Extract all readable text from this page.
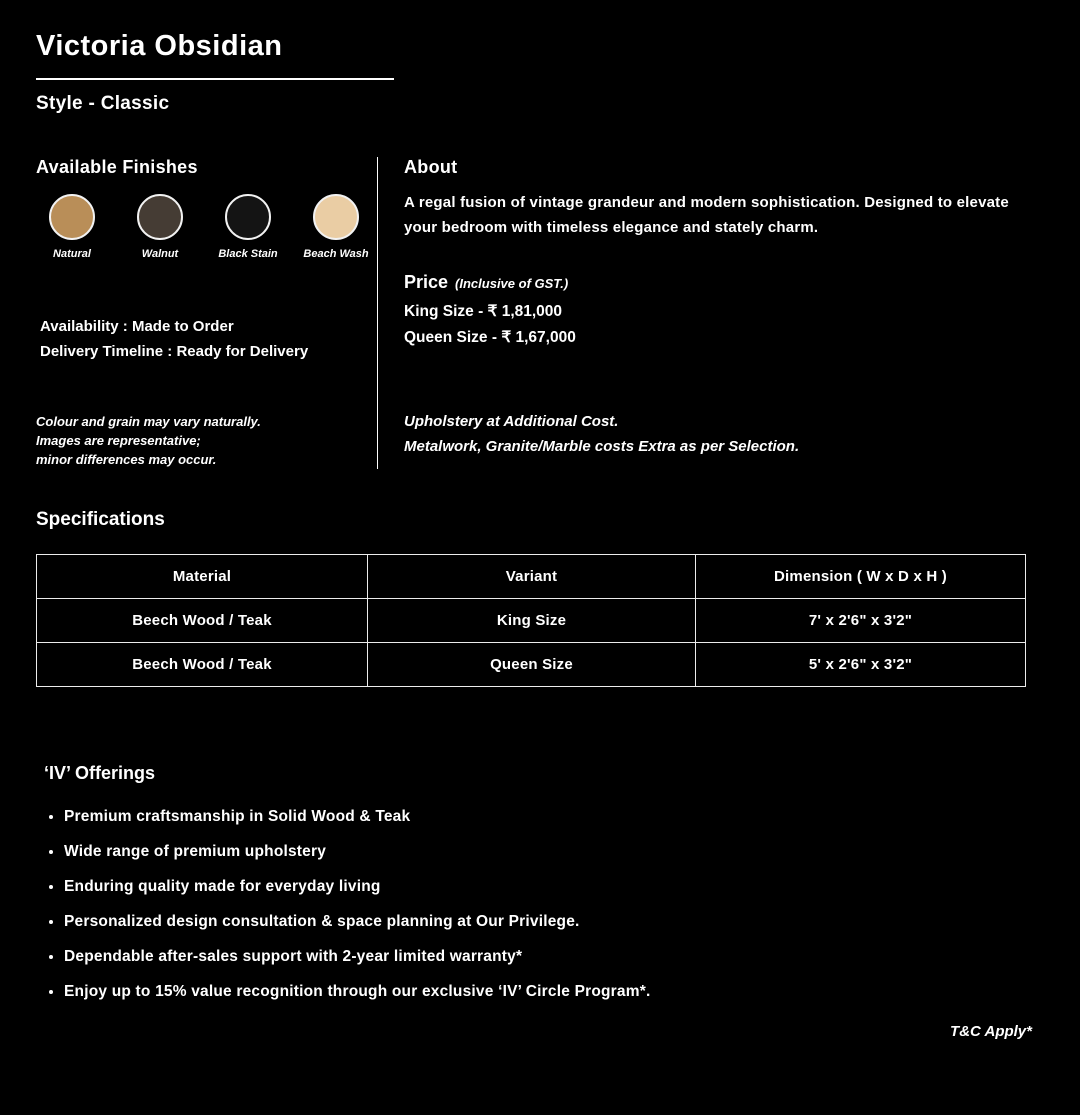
Victoria Obsidian
Style - Classic
Available Finishes
Natural	Walnut	Black Stain Beach Wash

Availability : Made to Order

Delivery Timeline : Ready for Delivery

Colour and grain may vary naturally.

Images are representative;

minor differences may occur.

About

A regal fusion of vintage grandeur and modern sophistication. Designed to elevate your bedroom with timeless elegance and stately charm.

Price (Inclusive of GST.)

King Size - ₹ 1,81,000

Queen Size - ₹ 1,67,000

Upholstery at Additional Cost.

Metalwork, Granite/Marble costs Extra as per Selection.

Specifications
Material	Variant	Dimension ( W x D x H )
Beech Wood / Teak	King Size	7' x 2'6" x 3'2"
Beech Wood / Teak	Queen Size	5' x 2'6" x 3'2"
‘IV’ Offerings
Premium craftsmanship in Solid Wood & Teak
Wide range of premium upholstery
Enduring quality made for everyday living
Personalized design consultation & space planning at Our Privilege.
Dependable after-sales support with 2-year limited warranty*
Enjoy up to 15% value recognition through our exclusive ‘IV’ Circle Program*.

T&C Apply*
